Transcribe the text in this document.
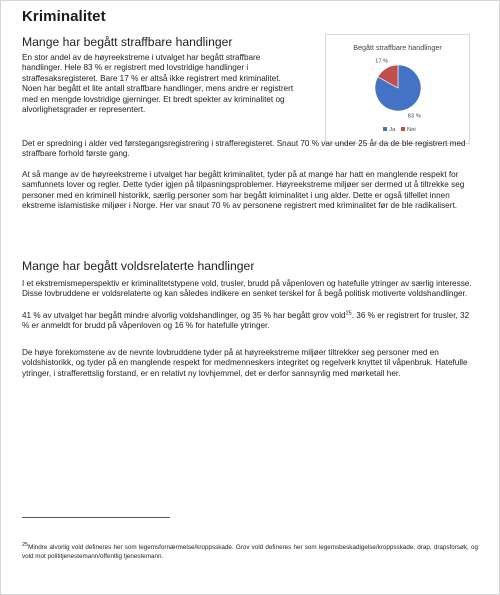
Kriminalitet
Mange har begått straffbare handlinger

En stor andel av de høyreekstreme i utvalget har begått straffbare handlinger. Hele 83 % er registrert med lovstridige handlinger i straffesaksregisteret. Bare 17 % er altså ikke registrert med kriminalitet. Noen har begått et lite antall straffbare handlinger, mens andre er registrert med en mengde lovstridige gjerninger. Et bredt spekter av kriminalitet og alvorlighetsgrader er representert.

Begått straffbare handlinger
83 %
17 %
Ja Nei

Det er spredning i alder ved førstegangsregistrering i strafferegisteret. Snaut 70 % var under 25 år da de ble registrert med straffbare forhold første gang.

At så mange av de høyreekstreme i utvalget har begått kriminalitet, tyder på at mange har hatt en manglende respekt for samfunnets lover og regler. Dette tyder igjen på tilpasningsproblemer. Høyreekstreme miljøer ser dermed ut å tiltrekke seg personer med en kriminell historikk, særlig personer som har begått kriminalitet i ung alder. Dette er også tilfellet innen ekstreme islamistiske miljøer i Norge. Her var snaut 70 % av personene registrert med kriminalitet før de ble radikalisert.

Mange har begått voldsrelaterte handlinger

I et ekstremismeperspektiv er kriminalitetstypene vold, trusler, brudd på våpenloven og hatefulle ytringer av særlig interesse. Disse lovbruddene er voldsrelaterte og kan således indikere en senket terskel for å begå politisk motiverte voldshandlinger.

41 % av utvalget har begått mindre alvorlig voldshandlinger, og 35 % har begått grov vold$^{25}$. 36 % er registrert for trusler, 32 % er anmeldt for brudd på våpenloven og 16 % for hatefulle ytringer.

De høye forekomstene av de nevnte lovbruddene tyder på at høyreekstreme miljøer tiltrekker seg personer med en voldshistorikk, og tyder på en manglende respekt for medmenneskers integritet og regelverk knyttet til våpenbruk. Hatefulle ytringer, i strafferettslig forstand, er en relativt ny lovhjemmel, det er derfor sannsynlig med mørketall her.

$^{25}$Mindre alvorlig vold defineres her som legemsfornærmelse/kroppsskade. Grov vold defineres her som legemsbeskadigelse/kroppsskade, drap, drapsforsøk, og vold mot polititjenestemann/offentlig tjenestemann.
